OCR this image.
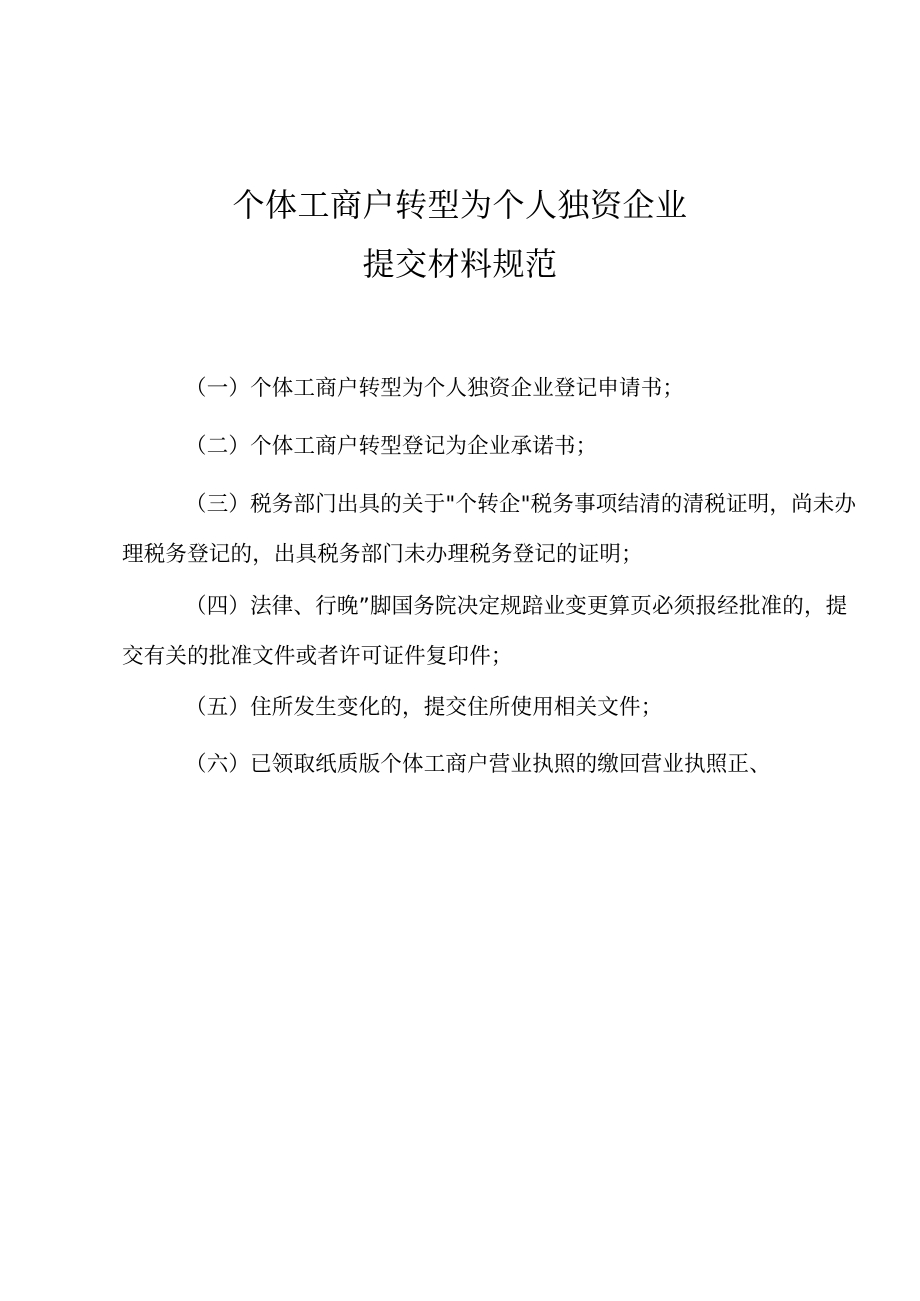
个体工商户转型为个人独资企业
提交材料规范
（一）个体工商户转型为个人独资企业登记申请书；
（二）个体工商户转型登记为企业承诺书；
（三）税务部门出具的关于"个转企"税务事项结清的清税证明，尚未办理税务登记的，出具税务部门未办理税务登记的证明；
（四）法律、行晚”脚国务院决定规踣业变更算页必须报经批准的，提交有关的批准文件或者许可证件复印件；
（五）住所发生变化的，提交住所使用相关文件；
（六）已领取纸质版个体工商户营业执照的缴回营业执照正、
